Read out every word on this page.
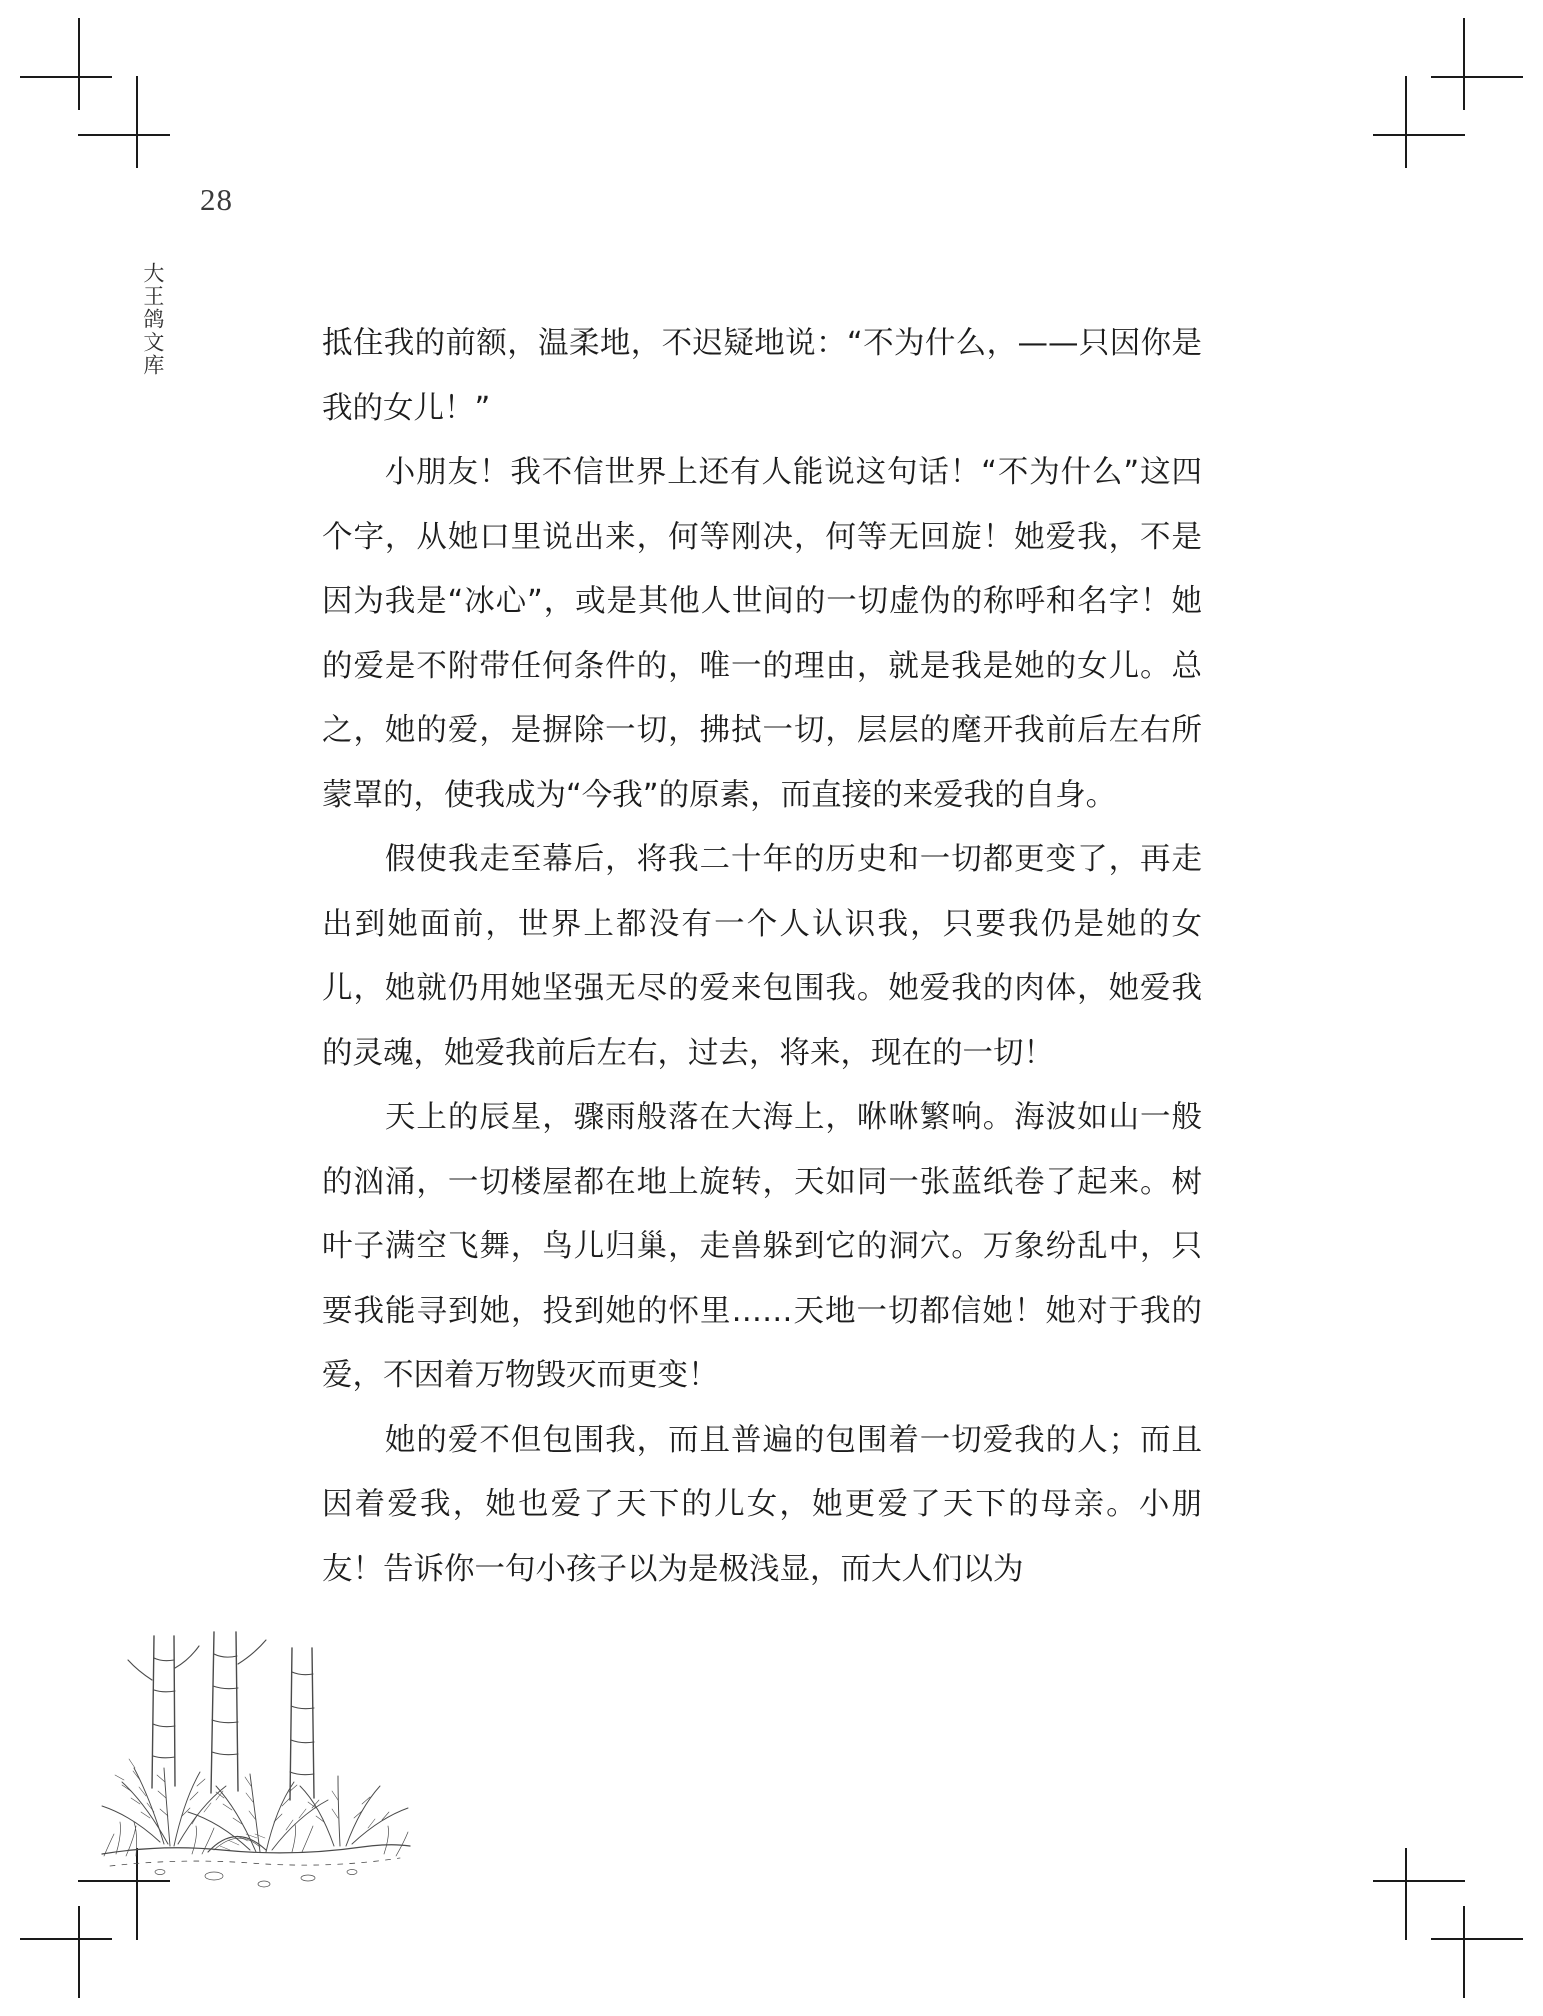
28
大王鸽文库	抵住我的前额，温柔地，不迟疑地说：“不为什么，——只因你是我的女儿！”

　　小朋友！我不信世界上还有人能说这句话！“不为什么”这四个字，从她口里说出来，何等刚决，何等无回旋！她爱我，不是因为我是“冰心”，或是其他人世间的一切虚伪的称呼和名字！她的爱是不附带任何条件的，唯一的理由，就是我是她的女儿。总之，她的爱，是摒除一切，拂拭一切，层层的麾开我前后左右所蒙罩的，使我成为“今我”的原素，而直接的来爱我的自身。

　　假使我走至幕后，将我二十年的历史和一切都更变了，再走出到她面前，世界上都没有一个人认识我，只要我仍是她的女儿，她就仍用她坚强无尽的爱来包围我。她爱我的肉体，她爱我的灵魂，她爱我前后左右，过去，将来，现在的一切！

　　天上的辰星，骤雨般落在大海上，咻咻繁响。海波如山一般的汹涌，一切楼屋都在地上旋转，天如同一张蓝纸卷了起来。树叶子满空飞舞，鸟儿归巢，走兽躲到它的洞穴。万象纷乱中，只要我能寻到她，投到她的怀里……天地一切都信她！她对于我的爱，不因着万物毁灭而更变！

　　她的爱不但包围我，而且普遍的包围着一切爱我的人；而且因着爱我，她也爱了天下的儿女，她更爱了天下的母亲。小朋友！告诉你一句小孩子以为是极浅显，而大人们以为
